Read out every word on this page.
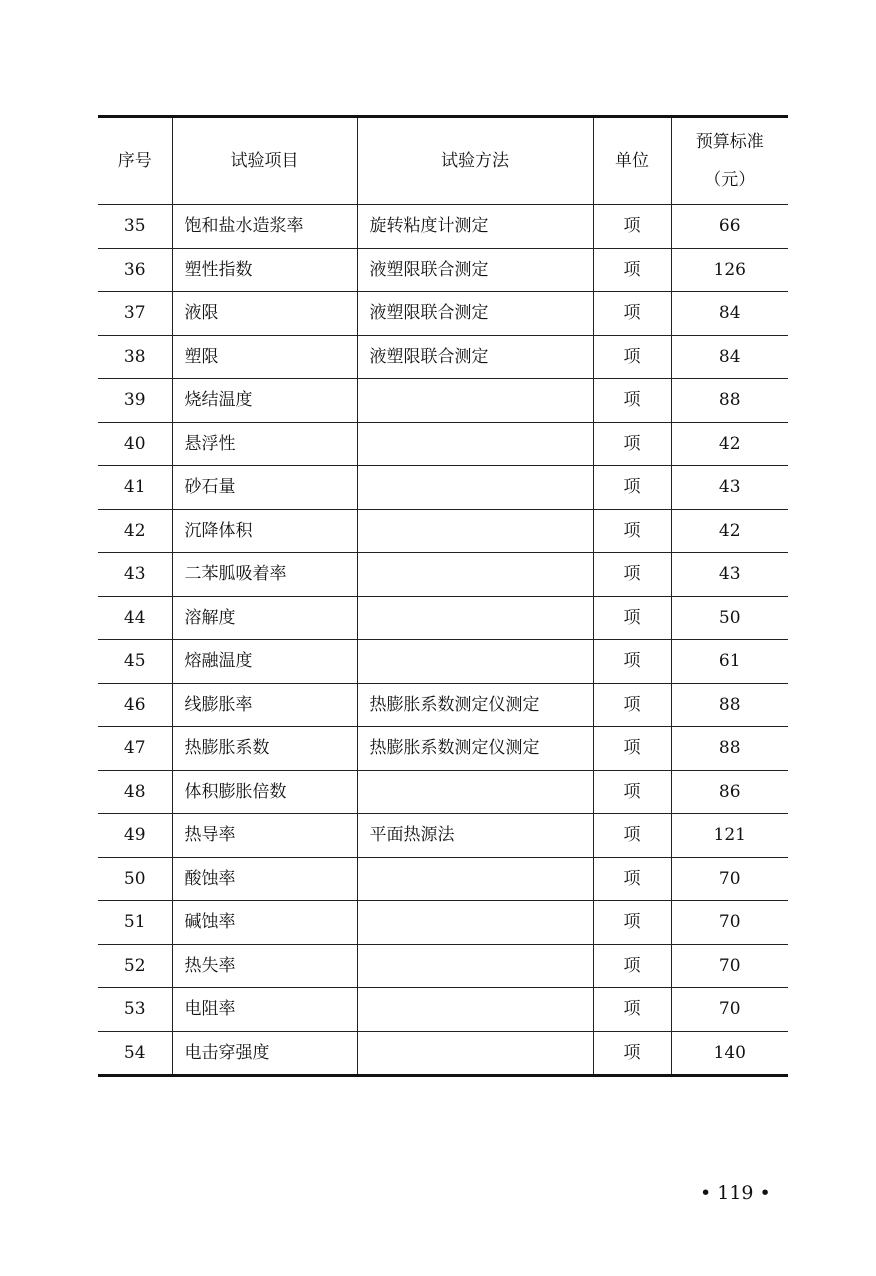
序号	试验项目	试验方法	单位	预算标准
（元）

35	饱和盐水造浆率	旋转粘度计测定	项	66
36	塑性指数	液塑限联合测定	项	126
37	液限	液塑限联合测定	项	84
38	塑限	液塑限联合测定	项	84
39	烧结温度		项	88
40	悬浮性		项	42
41	砂石量		项	43
42	沉降体积		项	42
43	二苯胍吸着率		项	43
44	溶解度		项	50
45	熔融温度		项	61
46	线膨胀率	热膨胀系数测定仪测定	项	88
47	热膨胀系数	热膨胀系数测定仪测定	项	88
48	体积膨胀倍数		项	86
49	热导率	平面热源法	项	121
50	酸蚀率		项	70
51	碱蚀率		项	70
52	热失率		项	70
53	电阻率		项	70
54	电击穿强度		项	140
• 119 •
